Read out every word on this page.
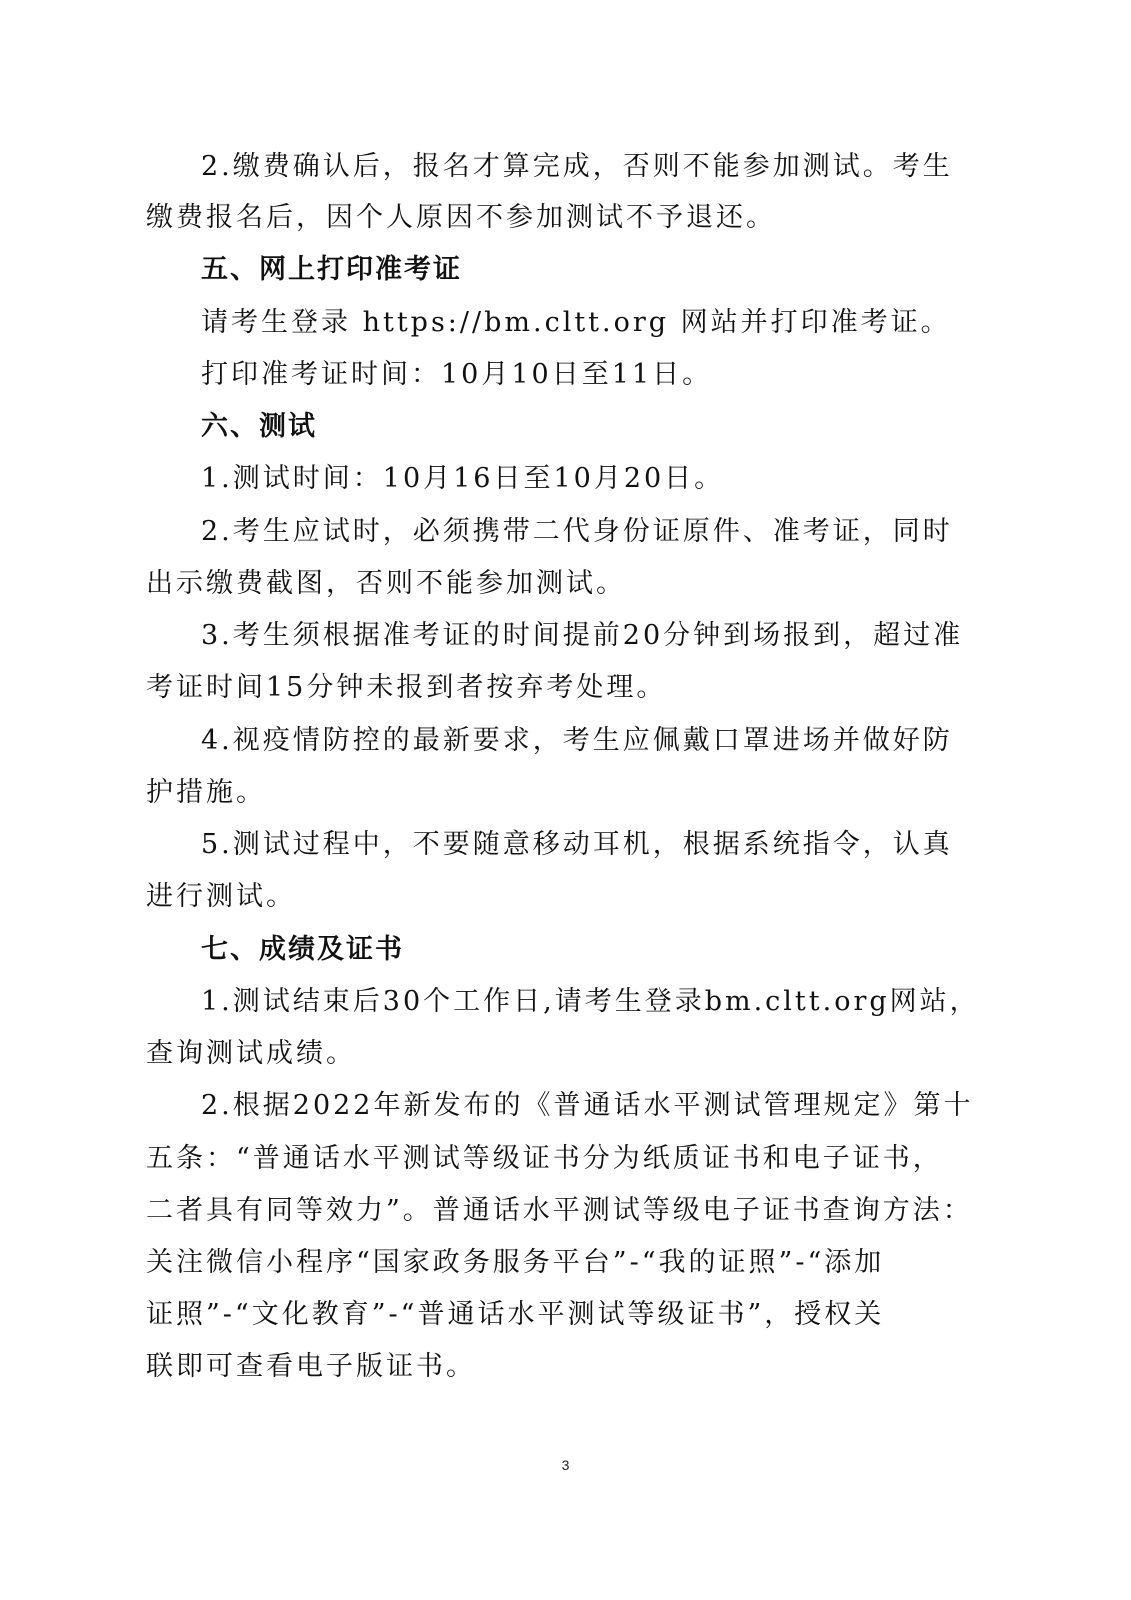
2.缴费确认后，报名才算完成，否则不能参加测试。考生
缴费报名后，因个人原因不参加测试不予退还。
五、网上打印准考证
请考生登录 https://bm.cltt.org 网站并打印准考证。
打印准考证时间：10月10日至11日。
六、测试
1.测试时间：10月16日至10月20日。
2.考生应试时，必须携带二代身份证原件、准考证，同时
出示缴费截图，否则不能参加测试。
3.考生须根据准考证的时间提前20分钟到场报到，超过准
考证时间15分钟未报到者按弃考处理。
4.视疫情防控的最新要求，考生应佩戴口罩进场并做好防
护措施。
5.测试过程中，不要随意移动耳机，根据系统指令，认真
进行测试。
七、成绩及证书
1.测试结束后30个工作日,请考生登录bm.cltt.org网站，
查询测试成绩。
2.根据2022年新发布的《普通话水平测试管理规定》第十
五条：“普通话水平测试等级证书分为纸质证书和电子证书，
二者具有同等效力”。普通话水平测试等级电子证书查询方法：
关注微信小程序“国家政务服务平台”-“我的证照”-“添加
证照”-“文化教育”-“普通话水平测试等级证书”，授权关
联即可查看电子版证书。
3
